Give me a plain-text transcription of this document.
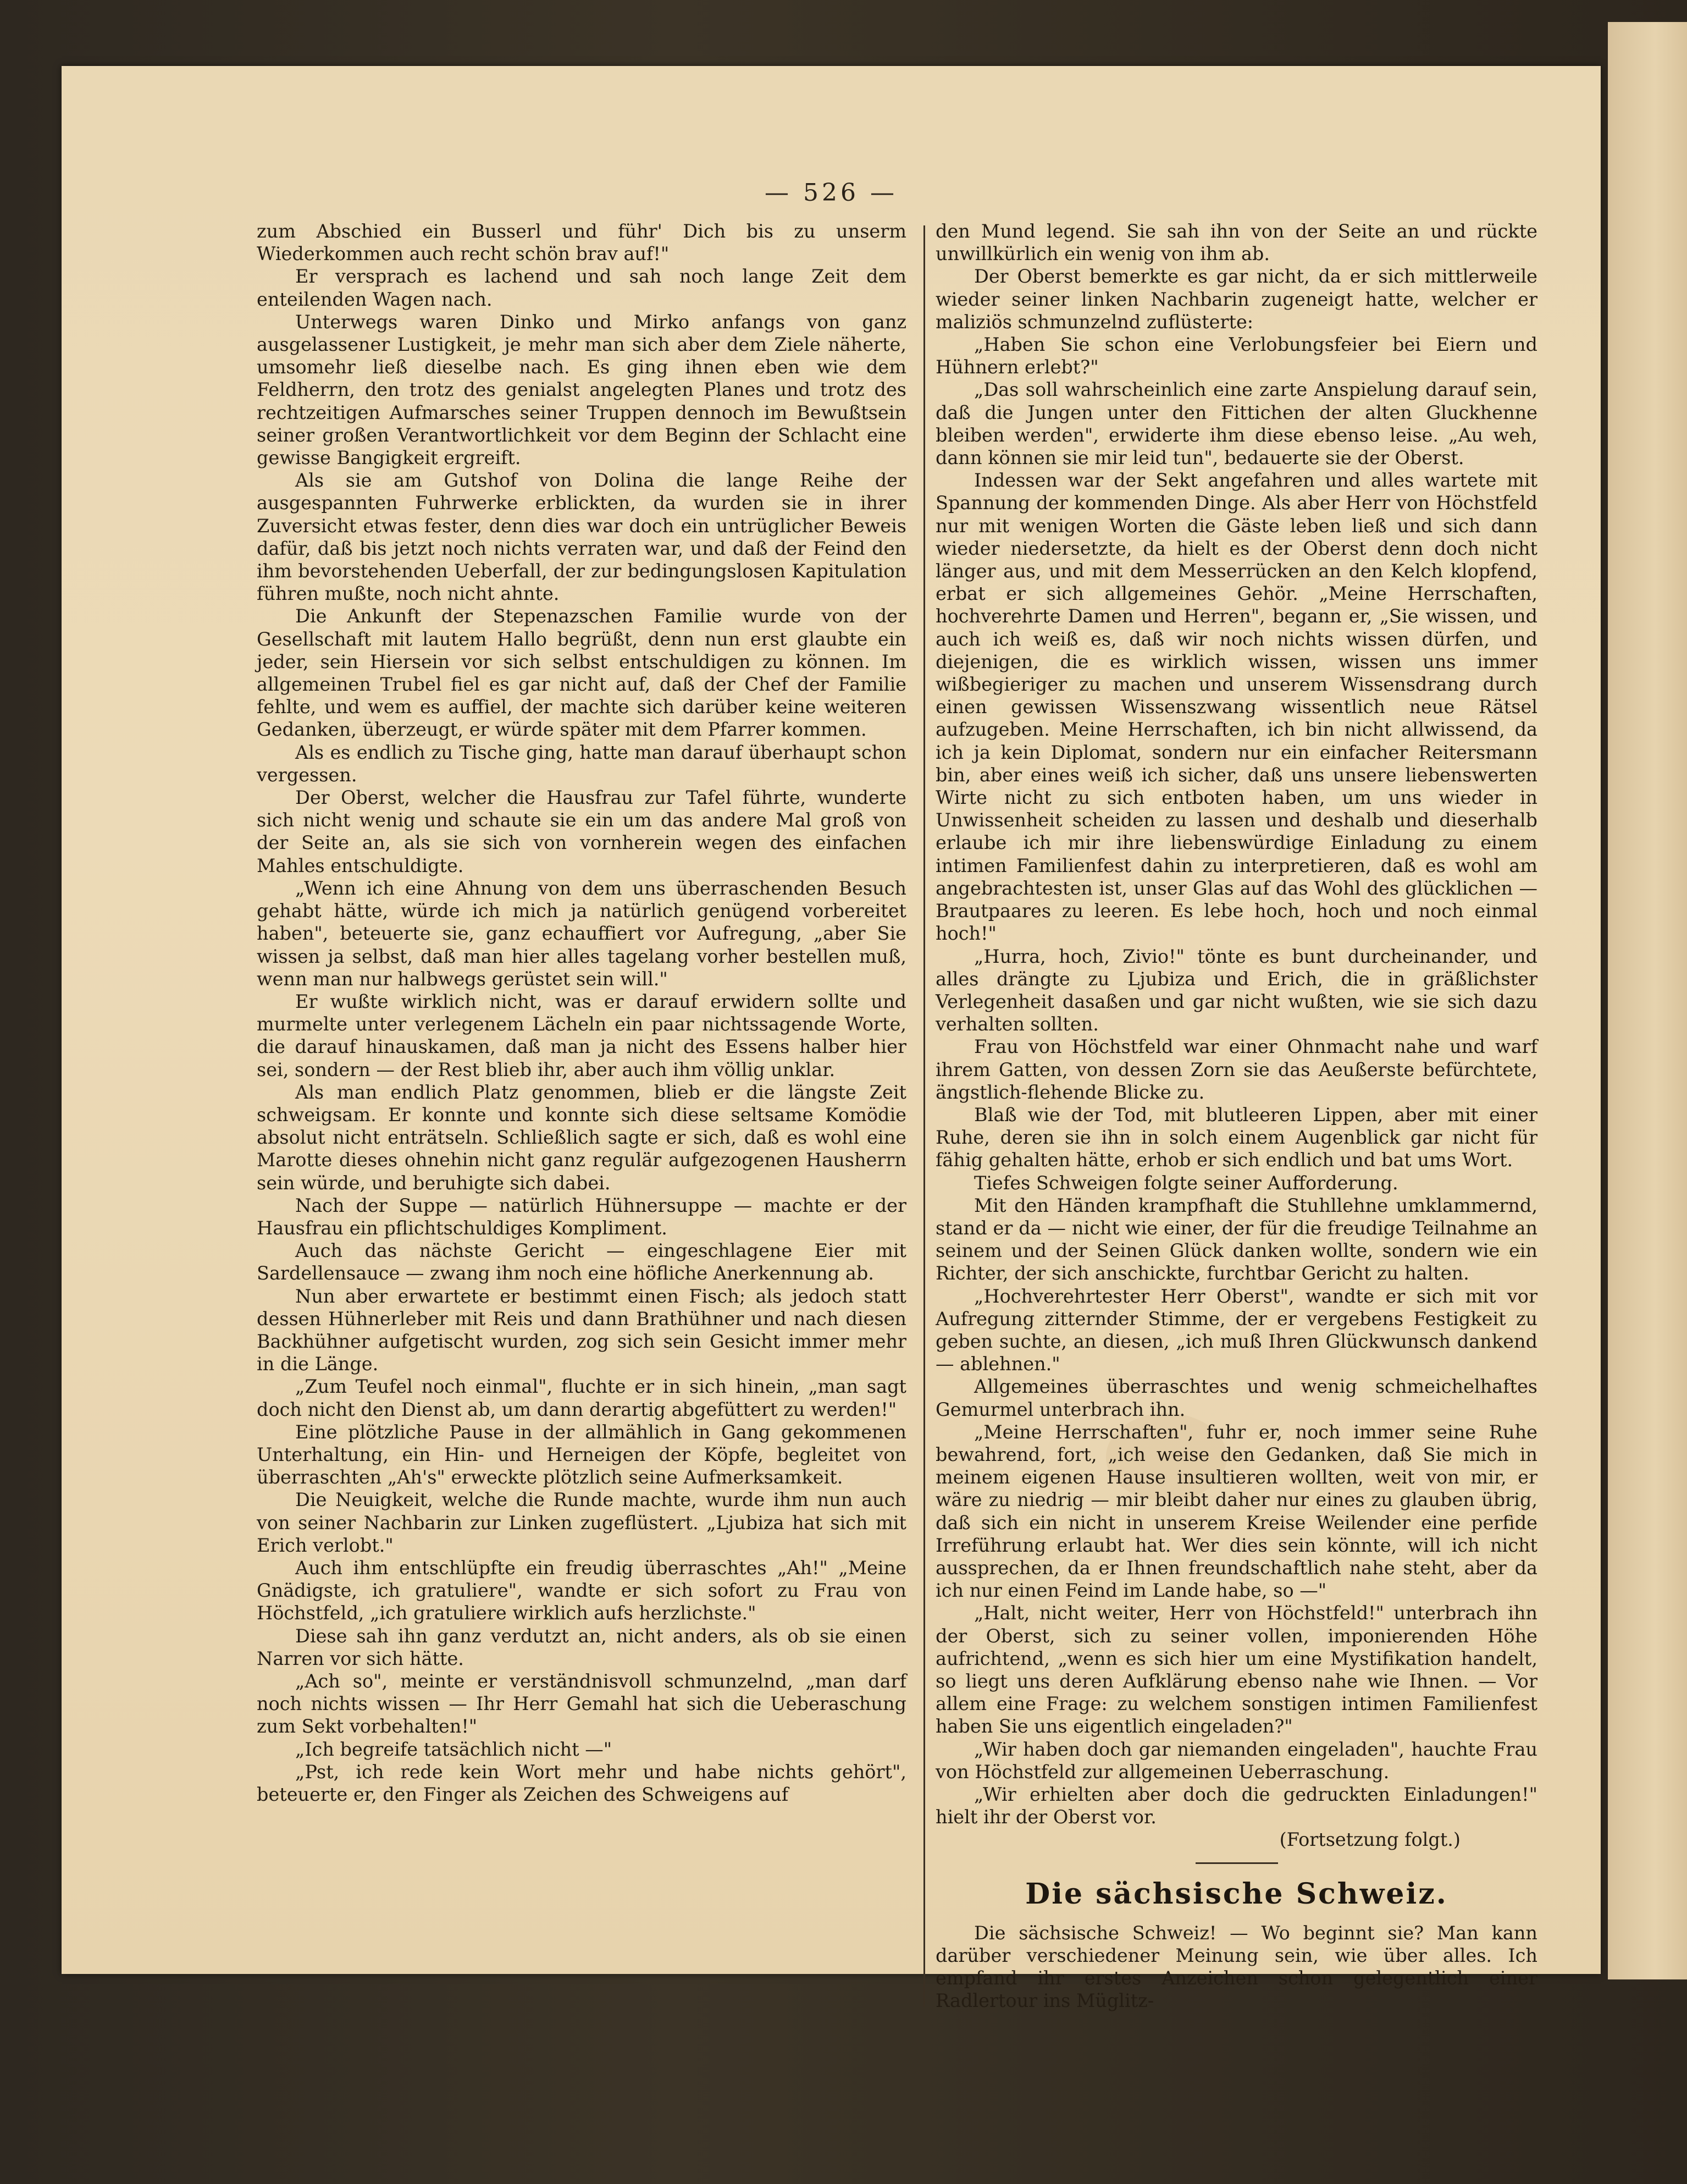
— 526 —

zum Abschied ein Busserl und führ' Dich bis zu unserm Wiederkommen auch recht schön brav auf!"

Er versprach es lachend und sah noch lange Zeit dem enteilenden Wagen nach.

Unterwegs waren Dinko und Mirko anfangs von ganz ausgelassener Lustigkeit, je mehr man sich aber dem Ziele näherte, umsomehr ließ dieselbe nach. Es ging ihnen eben wie dem Feldherrn, den trotz des genialst angelegten Planes und trotz des rechtzeitigen Aufmarsches seiner Truppen dennoch im Bewußtsein seiner großen Verantwortlichkeit vor dem Beginn der Schlacht eine gewisse Bangigkeit ergreift.

Als sie am Gutshof von Dolina die lange Reihe der ausgespannten Fuhrwerke erblickten, da wurden sie in ihrer Zuversicht etwas fester, denn dies war doch ein untrüglicher Beweis dafür, daß bis jetzt noch nichts verraten war, und daß der Feind den ihm bevorstehenden Ueberfall, der zur bedingungslosen Kapitulation führen mußte, noch nicht ahnte.

Die Ankunft der Stepenazschen Familie wurde von der Gesellschaft mit lautem Hallo begrüßt, denn nun erst glaubte ein jeder, sein Hiersein vor sich selbst entschuldigen zu können. Im allgemeinen Trubel fiel es gar nicht auf, daß der Chef der Familie fehlte, und wem es auffiel, der machte sich darüber keine weiteren Gedanken, überzeugt, er würde später mit dem Pfarrer kommen.

Als es endlich zu Tische ging, hatte man darauf überhaupt schon vergessen.

Der Oberst, welcher die Hausfrau zur Tafel führte, wunderte sich nicht wenig und schaute sie ein um das andere Mal groß von der Seite an, als sie sich von vornherein wegen des einfachen Mahles entschuldigte.

„Wenn ich eine Ahnung von dem uns überraschenden Besuch gehabt hätte, würde ich mich ja natürlich genügend vorbereitet haben", beteuerte sie, ganz echauffiert vor Aufregung, „aber Sie wissen ja selbst, daß man hier alles tagelang vorher bestellen muß, wenn man nur halbwegs gerüstet sein will."

Er wußte wirklich nicht, was er darauf erwidern sollte und murmelte unter verlegenem Lächeln ein paar nichtssagende Worte, die darauf hinauskamen, daß man ja nicht des Essens halber hier sei, sondern — der Rest blieb ihr, aber auch ihm völlig unklar.

Als man endlich Platz genommen, blieb er die längste Zeit schweigsam. Er konnte und konnte sich diese seltsame Komödie absolut nicht enträtseln. Schließlich sagte er sich, daß es wohl eine Marotte dieses ohnehin nicht ganz regulär aufgezogenen Hausherrn sein würde, und beruhigte sich dabei.

Nach der Suppe — natürlich Hühnersuppe — machte er der Hausfrau ein pflichtschuldiges Kompliment.

Auch das nächste Gericht — eingeschlagene Eier mit Sardellensauce — zwang ihm noch eine höfliche Anerkennung ab.

Nun aber erwartete er bestimmt einen Fisch; als jedoch statt dessen Hühnerleber mit Reis und dann Brathühner und nach diesen Backhühner aufgetischt wurden, zog sich sein Gesicht immer mehr in die Länge.

„Zum Teufel noch einmal", fluchte er in sich hinein, „man sagt doch nicht den Dienst ab, um dann derartig abgefüttert zu werden!"

Eine plötzliche Pause in der allmählich in Gang gekommenen Unterhaltung, ein Hin- und Herneigen der Köpfe, begleitet von überraschten „Ah's" erweckte plötzlich seine Aufmerksamkeit.

Die Neuigkeit, welche die Runde machte, wurde ihm nun auch von seiner Nachbarin zur Linken zugeflüstert. „Ljubiza hat sich mit Erich verlobt."

Auch ihm entschlüpfte ein freudig überraschtes „Ah!" „Meine Gnädigste, ich gratuliere", wandte er sich sofort zu Frau von Höchstfeld, „ich gratuliere wirklich aufs herzlichste."

Diese sah ihn ganz verdutzt an, nicht anders, als ob sie einen Narren vor sich hätte.

„Ach so", meinte er verständnisvoll schmunzelnd, „man darf noch nichts wissen — Ihr Herr Gemahl hat sich die Ueberaschung zum Sekt vorbehalten!"

„Ich begreife tatsächlich nicht —"

„Pst, ich rede kein Wort mehr und habe nichts gehört", beteuerte er, den Finger als Zeichen des Schweigens auf

den Mund legend. Sie sah ihn von der Seite an und rückte unwillkürlich ein wenig von ihm ab.

Der Oberst bemerkte es gar nicht, da er sich mittlerweile wieder seiner linken Nachbarin zugeneigt hatte, welcher er maliziös schmunzelnd zuflüsterte:

„Haben Sie schon eine Verlobungsfeier bei Eiern und Hühnern erlebt?"

„Das soll wahrscheinlich eine zarte Anspielung darauf sein, daß die Jungen unter den Fittichen der alten Gluckhenne bleiben werden", erwiderte ihm diese ebenso leise. „Au weh, dann können sie mir leid tun", bedauerte sie der Oberst.

Indessen war der Sekt angefahren und alles wartete mit Spannung der kommenden Dinge. Als aber Herr von Höchstfeld nur mit wenigen Worten die Gäste leben ließ und sich dann wieder niedersetzte, da hielt es der Oberst denn doch nicht länger aus, und mit dem Messerrücken an den Kelch klopfend, erbat er sich allgemeines Gehör. „Meine Herrschaften, hochverehrte Damen und Herren", begann er, „Sie wissen, und auch ich weiß es, daß wir noch nichts wissen dürfen, und diejenigen, die es wirklich wissen, wissen uns immer wißbegieriger zu machen und unserem Wissensdrang durch einen gewissen Wissenszwang wissentlich neue Rätsel aufzugeben. Meine Herrschaften, ich bin nicht allwissend, da ich ja kein Diplomat, sondern nur ein einfacher Reitersmann bin, aber eines weiß ich sicher, daß uns unsere liebenswerten Wirte nicht zu sich entboten haben, um uns wieder in Unwissenheit scheiden zu lassen und deshalb und dieserhalb erlaube ich mir ihre liebenswürdige Einladung zu einem intimen Familienfest dahin zu interpretieren, daß es wohl am angebrachtesten ist, unser Glas auf das Wohl des glücklichen — Brautpaares zu leeren. Es lebe hoch, hoch und noch einmal hoch!"

„Hurra, hoch, Zivio!" tönte es bunt durcheinander, und alles drängte zu Ljubiza und Erich, die in gräßlichster Verlegenheit dasaßen und gar nicht wußten, wie sie sich dazu verhalten sollten.

Frau von Höchstfeld war einer Ohnmacht nahe und warf ihrem Gatten, von dessen Zorn sie das Aeußerste befürchtete, ängstlich-flehende Blicke zu.

Blaß wie der Tod, mit blutleeren Lippen, aber mit einer Ruhe, deren sie ihn in solch einem Augenblick gar nicht für fähig gehalten hätte, erhob er sich endlich und bat ums Wort.

Tiefes Schweigen folgte seiner Aufforderung.

Mit den Händen krampfhaft die Stuhllehne umklammernd, stand er da — nicht wie einer, der für die freudige Teilnahme an seinem und der Seinen Glück danken wollte, sondern wie ein Richter, der sich anschickte, furchtbar Gericht zu halten.

„Hochverehrtester Herr Oberst", wandte er sich mit vor Aufregung zitternder Stimme, der er vergebens Festigkeit zu geben suchte, an diesen, „ich muß Ihren Glückwunsch dankend — ablehnen."

Allgemeines überraschtes und wenig schmeichelhaftes Gemurmel unterbrach ihn.

„Meine Herrschaften", fuhr er, noch immer seine Ruhe bewahrend, fort, „ich weise den Gedanken, daß Sie mich in meinem eigenen Hause insultieren wollten, weit von mir, er wäre zu niedrig — mir bleibt daher nur eines zu glauben übrig, daß sich ein nicht in unserem Kreise Weilender eine perfide Irreführung erlaubt hat. Wer dies sein könnte, will ich nicht aussprechen, da er Ihnen freundschaftlich nahe steht, aber da ich nur einen Feind im Lande habe, so —"

„Halt, nicht weiter, Herr von Höchstfeld!" unterbrach ihn der Oberst, sich zu seiner vollen, imponierenden Höhe aufrichtend, „wenn es sich hier um eine Mystifikation handelt, so liegt uns deren Aufklärung ebenso nahe wie Ihnen. — Vor allem eine Frage: zu welchem sonstigen intimen Familienfest haben Sie uns eigentlich eingeladen?"

„Wir haben doch gar niemanden eingeladen", hauchte Frau von Höchstfeld zur allgemeinen Ueberraschung.

„Wir erhielten aber doch die gedruckten Einladungen!" hielt ihr der Oberst vor.

(Fortsetzung folgt.)

Die sächsische Schweiz.

Die sächsische Schweiz! — Wo beginnt sie? Man kann darüber verschiedener Meinung sein, wie über alles. Ich empfand ihr erstes Anzeichen schon gelegentlich einer Radlertour ins Müglitz-
